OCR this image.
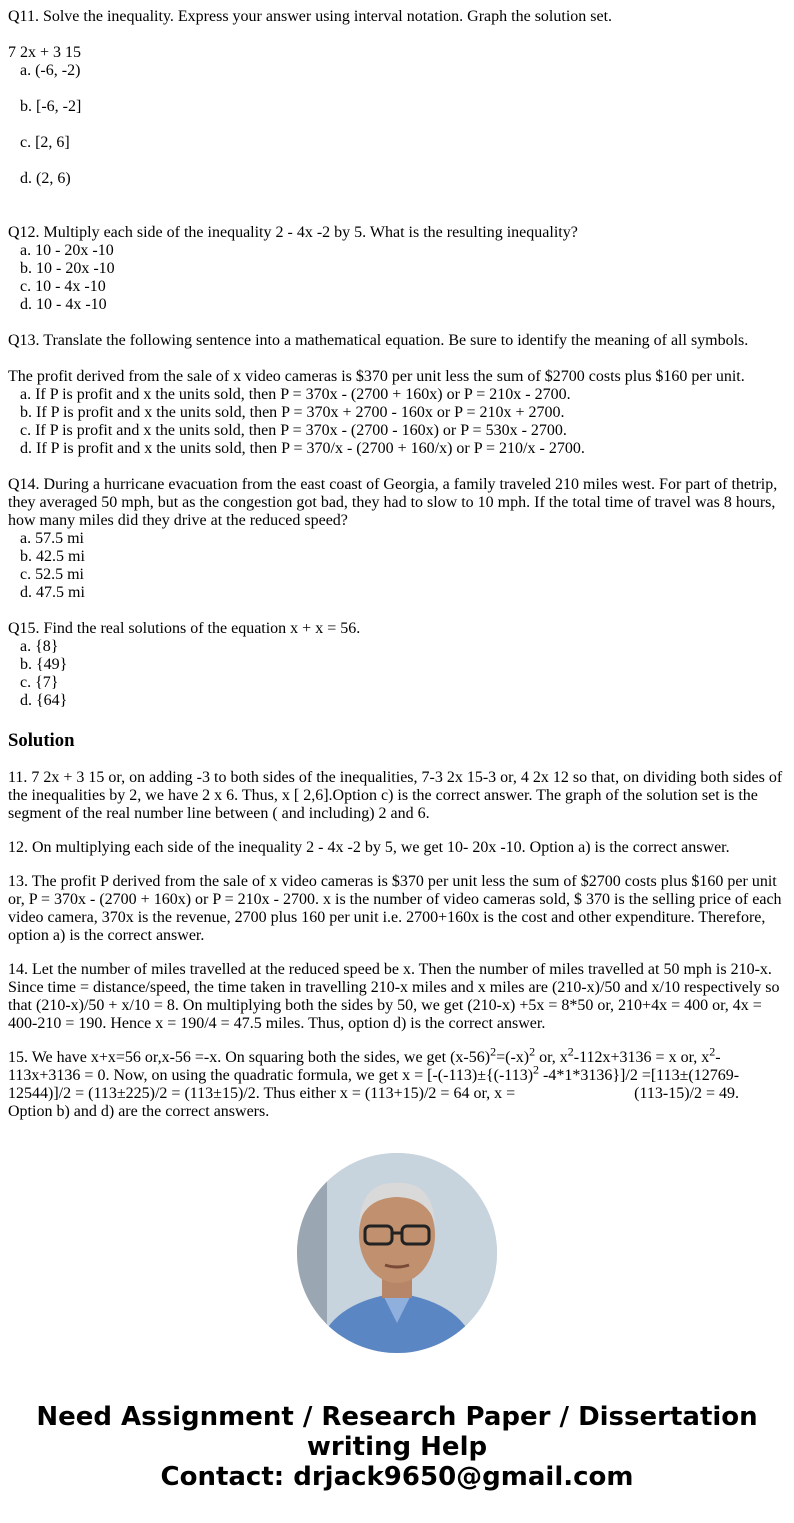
Q11. Solve the inequality. Express your answer using interval notation. Graph the solution set.
7 2x + 3 15
a. (-6, -2)
b. [-6, -2]
c. [2, 6]
d. (2, 6)
Q12. Multiply each side of the inequality 2 - 4x -2 by 5. What is the resulting inequality?
a. 10 - 20x -10
b. 10 - 20x -10
c. 10 - 4x -10
d. 10 - 4x -10
Q13. Translate the following sentence into a mathematical equation. Be sure to identify the meaning of all symbols.
The profit derived from the sale of x video cameras is $370 per unit less the sum of $2700 costs plus $160 per unit.
a. If P is profit and x the units sold, then P = 370x - (2700 + 160x) or P = 210x - 2700.
b. If P is profit and x the units sold, then P = 370x + 2700 - 160x or P = 210x + 2700.
c. If P is profit and x the units sold, then P = 370x - (2700 - 160x) or P = 530x - 2700.
d. If P is profit and x the units sold, then P = 370/x - (2700 + 160/x) or P = 210/x - 2700.
Q14. During a hurricane evacuation from the east coast of Georgia, a family traveled 210 miles west. For part of thetrip, they averaged 50 mph, but as the congestion got bad, they had to slow to 10 mph. If the total time of travel was 8 hours, how many miles did they drive at the reduced speed?
a. 57.5 mi
b. 42.5 mi
c. 52.5 mi
d. 47.5 mi
Q15. Find the real solutions of the equation x + x = 56.
a. {8}
b. {49}
c. {7}
d. {64}
Solution

11. 7 2x + 3 15 or, on adding -3 to both sides of the inequalities, 7-3 2x 15-3 or, 4 2x 12 so that, on dividing both sides of the inequalities by 2, we have 2 x 6. Thus, x [ 2,6].Option c) is the correct answer. The graph of the solution set is the segment of the real number line between ( and including) 2 and 6.

12. On multiplying each side of the inequality 2 - 4x -2 by 5, we get 10- 20x -10. Option a) is the correct answer.

13. The profit P derived from the sale of x video cameras is $370 per unit less the sum of $2700 costs plus $160 per unit or, P = 370x - (2700 + 160x) or P = 210x - 2700. x is the number of video cameras sold, $ 370 is the selling price of each video camera, 370x is the revenue, 2700 plus 160 per unit i.e. 2700+160x is the cost and other expenditure. Therefore, option a) is the correct answer.

14. Let the number of miles travelled at the reduced speed be x. Then the number of miles travelled at 50 mph is 210-x. Since time = distance/speed, the time taken in travelling 210-x miles and x miles are (210-x)/50 and x/10 respectively so that (210-x)/50 + x/10 = 8. On multiplying both the sides by 50, we get (210-x) +5x = 8*50 or, 210+4x = 400 or, 4x = 400-210 = 190. Hence x = 190/4 = 47.5 miles. Thus, option d) is the correct answer.

15. We have x+x=56 or,x-56 =-x. On squaring both the sides, we get $(x-56)^2=(-x)^2$ or, $x^2-112x+3136 = x$ or, $x^2-113x+3136 = 0$. Now, on using the quadratic formula, we get $x = [-(-113)\pm\{(-113)^2$ -4*1*3136}]/2 =[113±(12769-12544)]/2 = (113±225)/2 = (113±15)/2. Thus either x = (113+15)/2 = 64 or, x =	(113-15)/2 = 49. Option b) and d) are the correct answers.

Need Assignment / Research Paper / Dissertation writing Help
Contact: drjack9650@gmail.com
